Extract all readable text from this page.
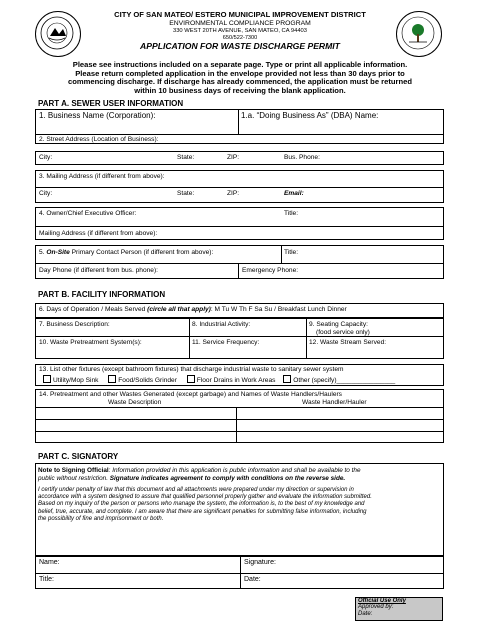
CITY OF SAN MATEO/ ESTERO MUNICIPAL IMPROVEMENT DISTRICT
ENVIRONMENTAL COMPLIANCE PROGRAM
330 WEST 20TH AVENUE, SAN MATEO, CA 94403
650/522-7300
APPLICATION FOR WASTE DISCHARGE PERMIT
Please see instructions included on a separate page. Type or print all applicable information.
Please return completed application in the envelope provided not less than 30 days prior to
commencing discharge. If discharge has already commenced, the application must be returned
within 10 business days of receiving the blank application.
PART A. SEWER USER INFORMATION
1. Business Name (Corporation):	1.a. “Doing Business As” (DBA) Name:
2. Street Address (Location of Business):
City:	State:	ZIP:	Bus. Phone:
3. Mailing Address (if different from above):
City:	State:	ZIP:	Email:
4. Owner/Chief Executive Officer:	Title:
Mailing Address (if different from above):
5. On-Site Primary Contact Person (if different from above):	Title:
Day Phone (if different from bus. phone):	Emergency Phone:
PART B. FACILITY INFORMATION
6. Days of Operation / Meals Served (circle all that apply): M Tu W Th F Sa Su / Breakfast Lunch Dinner
7. Business Description:	8. Industrial Activity:	9. Seating Capacity:
(food service only)
10. Waste Pretreatment System(s):	11. Service Frequency:	12. Waste Stream Served:
13. List other fixtures (except bathroom fixtures) that discharge industrial waste to sanitary sewer system
Utility/Mop Sink	Food/Solids Grinder	Floor Drains in Work Areas	Other (specify)________________
14. Pretreatment and other Wastes Generated (except garbage) and Names of Waste Handlers/Haulers
Waste Description	Waste Handler/Hauler
PART C. SIGNATORY
Note to Signing Official: Information provided in this application is public information and shall be available to the
public without restriction. Signature indicates agreement to comply with conditions on the reverse side.
I certify under penalty of law that this document and all attachments were prepared under my direction or supervision in
accordance with a system designed to assure that qualified personnel properly gather and evaluate the information submitted.
Based on my inquiry of the person or persons who manage the system, the information is, to the best of my knowledge and
belief, true, accurate, and complete. I am aware that there are significant penalties for submitting false information, including
the possibility of fine and imprisonment or both.
Name:	Signature:
Title:	Date:
Official Use Only
Approved by:
Date:
